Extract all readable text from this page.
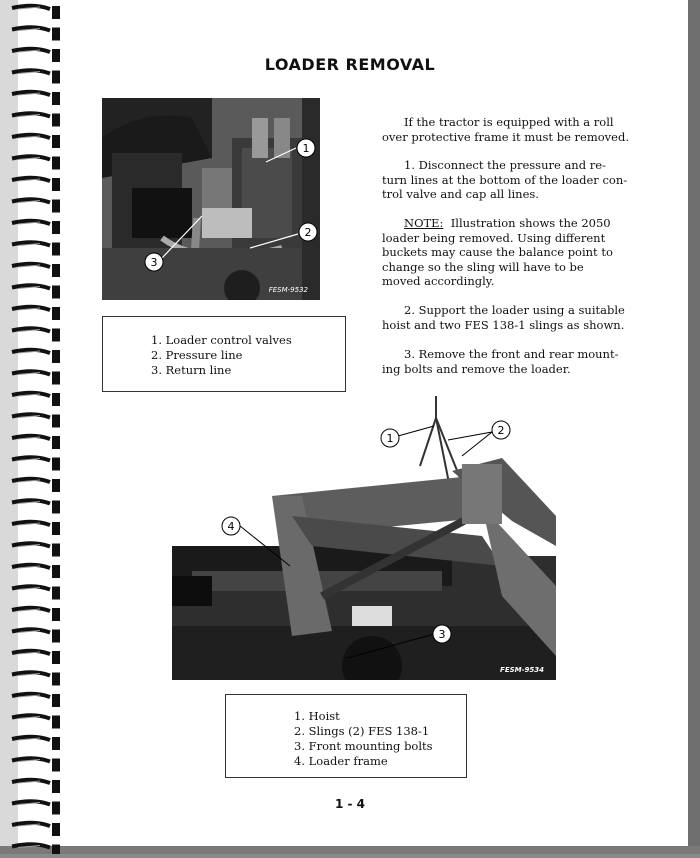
LOADER REMOVAL
1
2
3
FESM-9532
1. Loader control valves
2. Pressure line
3. Return line

If the tractor is equipped with a roll

over protective frame it must be removed.

1. Disconnect the pressure and re-

turn lines at the bottom of the loader con-

trol valve and cap all lines.

NOTE: Illustration shows the 2050

loader being removed. Using different

buckets may cause the balance point to

change so the sling will have to be

moved accordingly.

2. Support the loader using a suitable

hoist and two FES 138-1 slings as shown.

3. Remove the front and rear mount-

ing bolts and remove the loader.

1
2
3
4
FESM-9534
1. Hoist
2. Slings (2) FES 138-1
3. Front mounting bolts
4. Loader frame
1 - 4
